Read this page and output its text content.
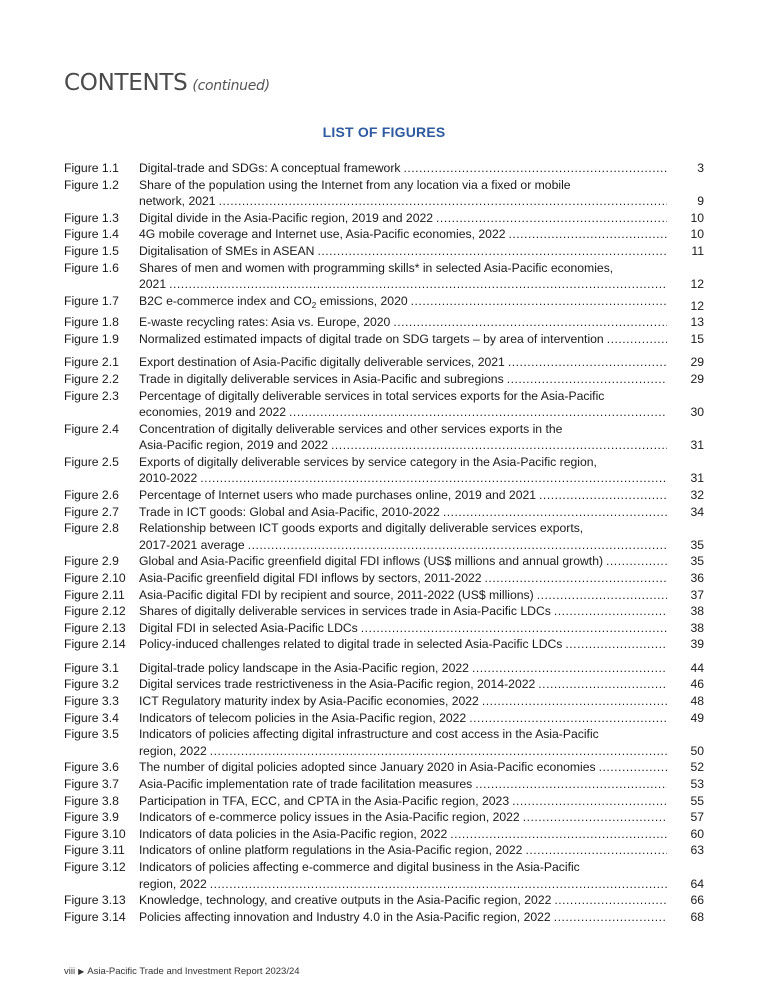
CONTENTS (continued)
LIST OF FIGURES
Figure 1.1	Digital-trade and SDGs: A conceptual framework .....	3
Figure 1.2	Share of the population using the Internet from any location via a fixed or mobile
network, 2021 .....	9
Figure 1.3	Digital divide in the Asia-Pacific region, 2019 and 2022 .....	10
Figure 1.4	4G mobile coverage and Internet use, Asia-Pacific economies, 2022 .....	10
Figure 1.5	Digitalisation of SMEs in ASEAN .....	11
Figure 1.6	Shares of men and women with programming skills* in selected Asia-Pacific economies,
2021 .....	12
Figure 1.7	B2C e-commerce index and $CO_2$ emissions, 2020 .....	12
Figure 1.8	E-waste recycling rates: Asia vs. Europe, 2020 .....	13
Figure 1.9	Normalized estimated impacts of digital trade on SDG targets – by area of intervention .....	15
Figure 2.1	Export destination of Asia-Pacific digitally deliverable services, 2021 .....	29
Figure 2.2	Trade in digitally deliverable services in Asia-Pacific and subregions .....	29
Figure 2.3	Percentage of digitally deliverable services in total services exports for the Asia-Pacific
economies, 2019 and 2022 .....	30
Figure 2.4	Concentration of digitally deliverable services and other services exports in the
Asia-Pacific region, 2019 and 2022 .....	31
Figure 2.5	Exports of digitally deliverable services by service category in the Asia-Pacific region,
2010-2022 .....	31
Figure 2.6	Percentage of Internet users who made purchases online, 2019 and 2021 .....	32
Figure 2.7	Trade in ICT goods: Global and Asia-Pacific, 2010-2022 .....	34
Figure 2.8	Relationship between ICT goods exports and digitally deliverable services exports,
2017-2021 average .....	35
Figure 2.9	Global and Asia-Pacific greenfield digital FDI inflows (US$ millions and annual growth) .....	35
Figure 2.10	Asia-Pacific greenfield digital FDI inflows by sectors, 2011-2022 .....	36
Figure 2.11	Asia-Pacific digital FDI by recipient and source, 2011-2022 (US$ millions) .....	37
Figure 2.12	Shares of digitally deliverable services in services trade in Asia-Pacific LDCs .....	38
Figure 2.13	Digital FDI in selected Asia-Pacific LDCs .....	38
Figure 2.14	Policy-induced challenges related to digital trade in selected Asia-Pacific LDCs .....	39
Figure 3.1	Digital-trade policy landscape in the Asia-Pacific region, 2022 .....	44
Figure 3.2	Digital services trade restrictiveness in the Asia-Pacific region, 2014-2022 .....	46
Figure 3.3	ICT Regulatory maturity index by Asia-Pacific economies, 2022 .....	48
Figure 3.4	Indicators of telecom policies in the Asia-Pacific region, 2022 .....	49
Figure 3.5	Indicators of policies affecting digital infrastructure and cost access in the Asia-Pacific
region, 2022 .....	50
Figure 3.6	The number of digital policies adopted since January 2020 in Asia-Pacific economies .....	52
Figure 3.7	Asia-Pacific implementation rate of trade facilitation measures .....	53
Figure 3.8	Participation in TFA, ECC, and CPTA in the Asia-Pacific region, 2023 .....	55
Figure 3.9	Indicators of e-commerce policy issues in the Asia-Pacific region, 2022 .....	57
Figure 3.10	Indicators of data policies in the Asia-Pacific region, 2022 .....	60
Figure 3.11	Indicators of online platform regulations in the Asia-Pacific region, 2022 .....	63
Figure 3.12	Indicators of policies affecting e-commerce and digital business in the Asia-Pacific
region, 2022 .....	64
Figure 3.13	Knowledge, technology, and creative outputs in the Asia-Pacific region, 2022 .....	66
Figure 3.14	Policies affecting innovation and Industry 4.0 in the Asia-Pacific region, 2022 .....	68
viii ▶ Asia-Pacific Trade and Investment Report 2023/24
